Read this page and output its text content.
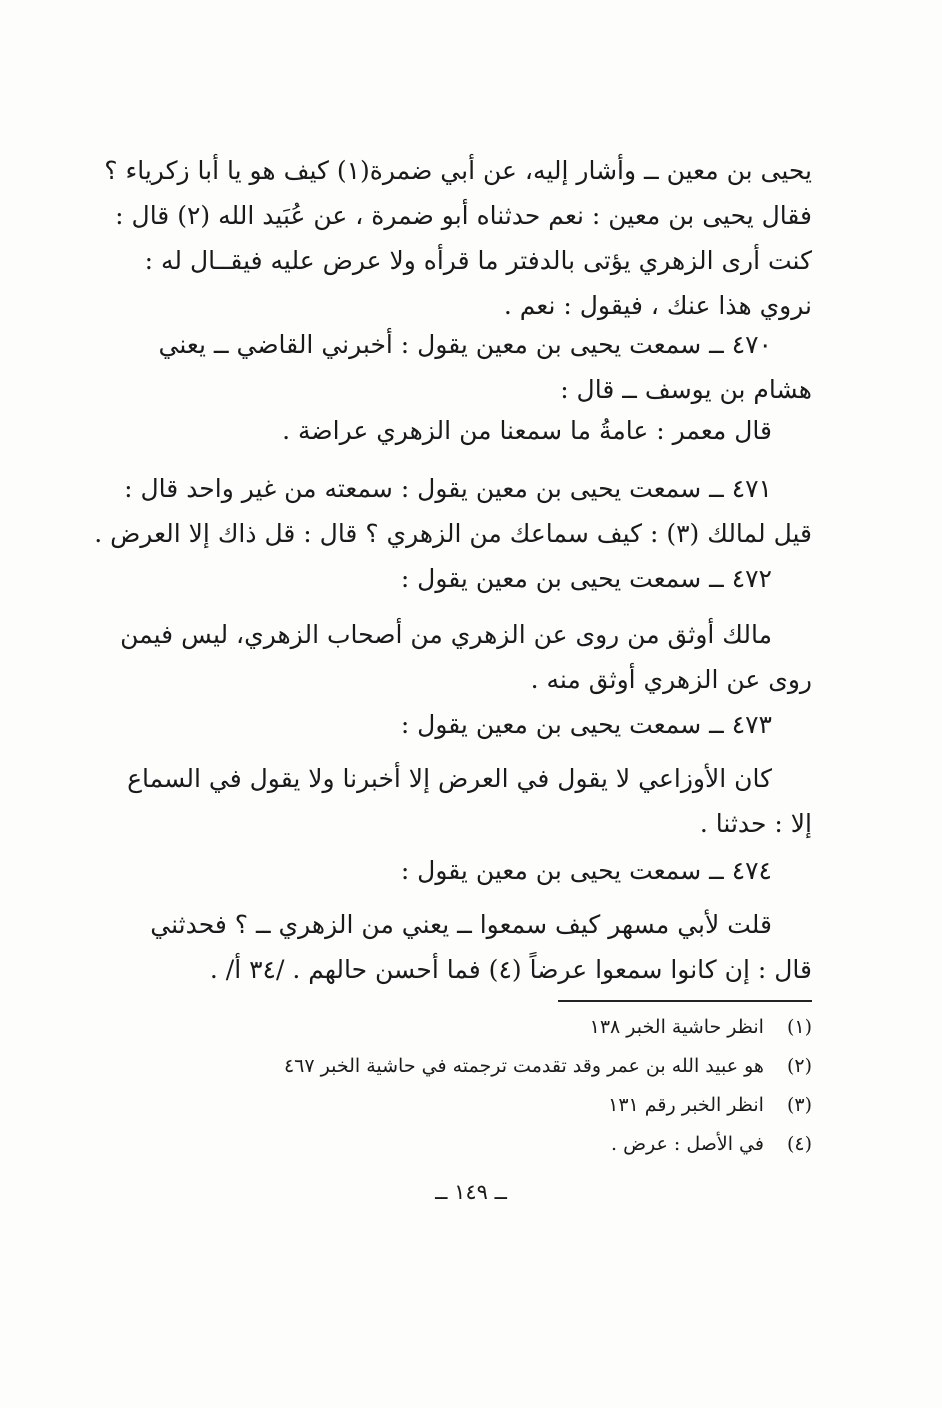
يحيى بن معين ــ وأشار إليه، عن أبي ضمرة(١) كيف هو يا أبا زكرياء ؟
فقال يحيى بن معين : نعم حدثناه أبو ضمرة ، عن عُبَيد الله (٢) قال :
كنت أرى الزهري يؤتى بالدفتر ما قرأه ولا عرض عليه فيقــال له :
نروي هذا عنك ، فيقول : نعم .
٤٧٠ ــ سمعت يحيى بن معين يقول : أخبرني القاضي ــ يعني
هشام بن يوسف ــ قال :
قال معمر : عامةُ ما سمعنا من الزهري عراضة .
٤٧١ ــ سمعت يحيى بن معين يقول : سمعته من غير واحد قال :
قيل لمالك (٣) : كيف سماعك من الزهري ؟ قال : قل ذاك إلا العرض .
٤٧٢ ــ سمعت يحيى بن معين يقول :
مالك أوثق من روى عن الزهري من أصحاب الزهري، ليس فيمن
روى عن الزهري أوثق منه .
٤٧٣ ــ سمعت يحيى بن معين يقول :
كان الأوزاعي لا يقول في العرض إلا أخبرنا ولا يقول في السماع
إلا : حدثنا .
٤٧٤ ــ سمعت يحيى بن معين يقول :
قلت لأبي مسهر كيف سمعوا ــ يعني من الزهري ــ ؟ فحدثني
قال : إن كانوا سمعوا عرضاً (٤) فما أحسن حالهم . /٣٤ أ/ .
(١) انظر حاشية الخبر ١٣٨
(٢) هو عبيد الله بن عمر وقد تقدمت ترجمته في حاشية الخبر ٤٦٧
(٣) انظر الخبر رقم ١٣١
(٤) في الأصل : عرض .
ــ ١٤٩ ــ
